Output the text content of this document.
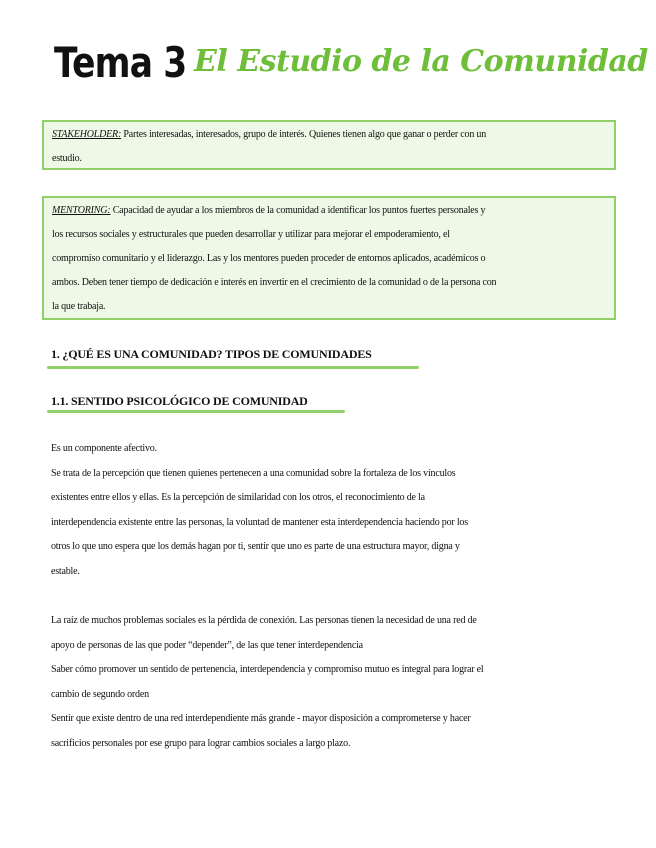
Tema 3 El Estudio de la Comunidad
STAKEHOLDER: Partes interesadas, interesados, grupo de interés. Quienes tienen algo que ganar o perder con un
estudio.
MENTORING: Capacidad de ayudar a los miembros de la comunidad a identificar los puntos fuertes personales y
los recursos sociales y estructurales que pueden desarrollar y utilizar para mejorar el empoderamiento, el
compromiso comunitario y el liderazgo. Las y los mentores pueden proceder de entornos aplicados, académicos o
ambos. Deben tener tiempo de dedicación e interés en invertir en el crecimiento de la comunidad o de la persona con
la que trabaja.
1. ¿QUÉ ES UNA COMUNIDAD? TIPOS DE COMUNIDADES
1.1. SENTIDO PSICOLÓGICO DE COMUNIDAD
Es un componente afectivo.
Se trata de la percepción que tienen quienes pertenecen a una comunidad sobre la fortaleza de los vínculos
existentes entre ellos y ellas. Es la percepción de similaridad con los otros, el reconocimiento de la
interdependencia existente entre las personas, la voluntad de mantener esta interdependencia haciendo por los
otros lo que uno espera que los demás hagan por ti, sentir que uno es parte de una estructura mayor, digna y
estable.
La raíz de muchos problemas sociales es la pérdida de conexión. Las personas tienen la necesidad de una red de
apoyo de personas de las que poder “depender”, de las que tener interdependencia
Saber cómo promover un sentido de pertenencia, interdependencia y compromiso mutuo es integral para lograr el
cambio de segundo orden
Sentir que existe dentro de una red interdependiente más grande - mayor disposición a comprometerse y hacer
sacrificios personales por ese grupo para lograr cambios sociales a largo plazo.
